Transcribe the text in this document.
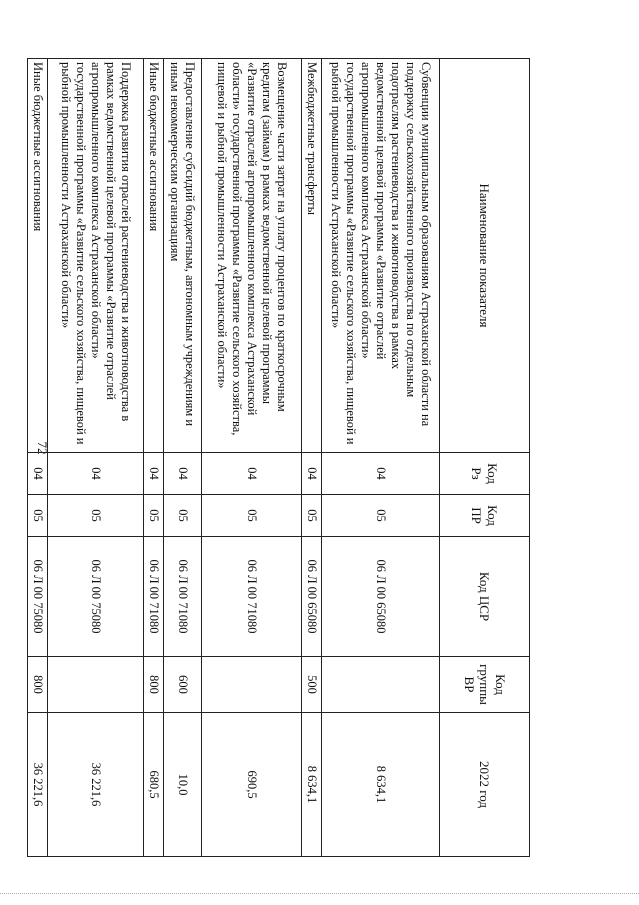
72
Наименование показателя	Код Рз	Код ПР	Код ЦСР	Код группы ВР	2022 год
Субвенции муниципальным образованиям Астраханской области на поддержку сельскохозяйственного производства по отдельным подотраслям растениеводства и животноводства в рамках ведомственной целевой программы «Развитие отраслей агропромышленного комплекса Астраханской области» государственной программы «Развитие сельского хозяйства, пищевой и рыбной промышленности Астраханской области»	04	05	06 Л 00 65080		8 634,1
Межбюджетные трансферты	04	05	06 Л 00 65080	500	8 634,1
Возмещение части затрат на уплату процентов по краткосрочным кредитам (займам) в рамках ведомственной целевой программы «Развитие отраслей агропромышленного комплекса Астраханской области» государственной программы «Развитие сельского хозяйства, пищевой и рыбной промышленности Астраханской области»	04	05	06 Л 00 71080		690,5
Предоставление субсидий бюджетным, автономным учреждениям и иным некоммерческим организациям	04	05	06 Л 00 71080	600	10,0
Иные бюджетные ассигнования	04	05	06 Л 00 71080	800	680,5
Поддержка развития отраслей растениеводства и животноводства в рамках ведомственной целевой программы «Развитие отраслей агропромышленного комплекса Астраханской области» государственной программы «Развитие сельского хозяйства, пищевой и рыбной промышленности Астраханской области»	04	05	06 Л 00 75080		36 221,6
Иные бюджетные ассигнования	04	05	06 Л 00 75080	800	36 221,6
